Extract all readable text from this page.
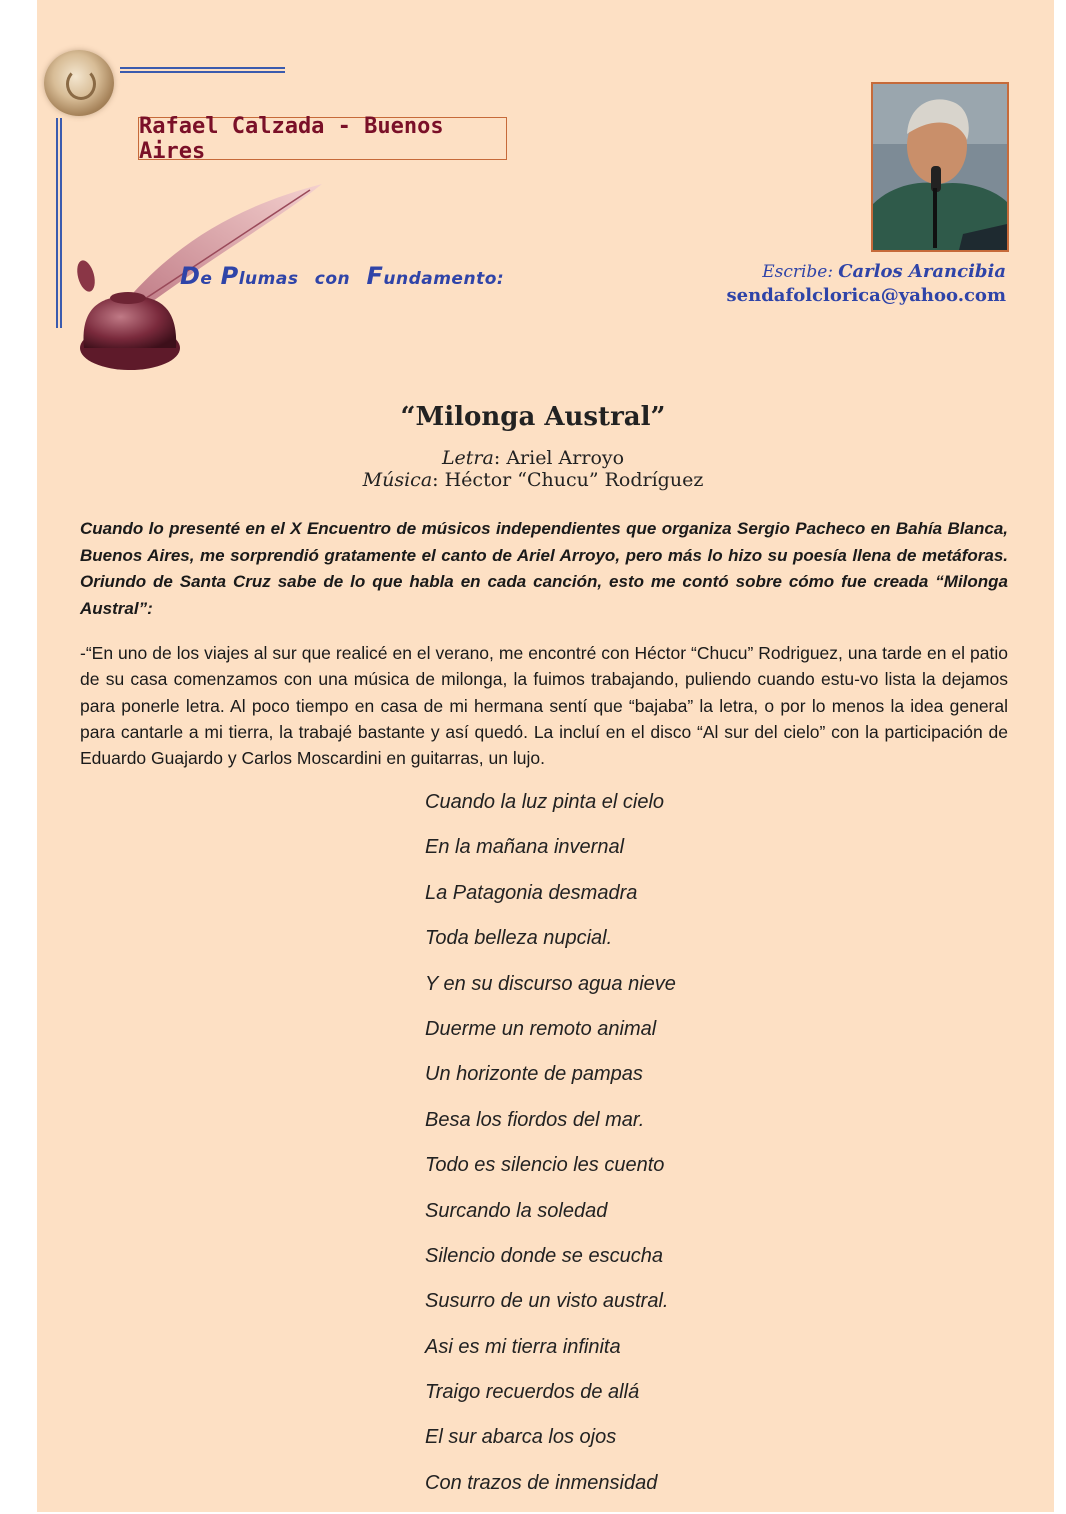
Rafael Calzada - Buenos Aires
De Plumas con Fundamento:	Escribe: Carlos Arancibia
sendafolclorica@yahoo.com
“Milonga Austral”
Letra: Ariel Arroyo
Música: Héctor “Chucu” Rodríguez

Cuando lo presenté en el X Encuentro de músicos independientes que organiza Sergio Pacheco en Bahía Blanca, Buenos Aires, me sorprendió gratamente el canto de Ariel Arroyo, pero más lo hizo su poesía llena de metáforas. Oriundo de Santa Cruz sabe de lo que habla en cada canción, esto me contó sobre cómo fue creada “Milonga Austral”:

-“En uno de los viajes al sur que realicé en el verano, me encontré con Héctor “Chucu” Rodriguez, una tarde en el patio de su casa comenzamos con una música de milonga, la fuimos trabajando, puliendo cuando estu-vo lista la dejamos para ponerle letra. Al poco tiempo en casa de mi hermana sentí que “bajaba” la letra, o por lo menos la idea general para cantarle a mi tierra, la trabajé bastante y así quedó. La incluí en el disco “Al sur del cielo” con la participación de Eduardo Guajardo y Carlos Moscardini en guitarras, un lujo.

Cuando la luz pinta el cielo
En la mañana invernal
La Patagonia desmadra
Toda belleza nupcial.
Y en su discurso agua nieve
Duerme un remoto animal
Un horizonte de pampas
Besa los fiordos del mar.
Todo es silencio les cuento
Surcando la soledad
Silencio donde se escucha
Susurro de un visto austral.
Asi es mi tierra infinita
Traigo recuerdos de allá
El sur abarca los ojos
Con trazos de inmensidad
